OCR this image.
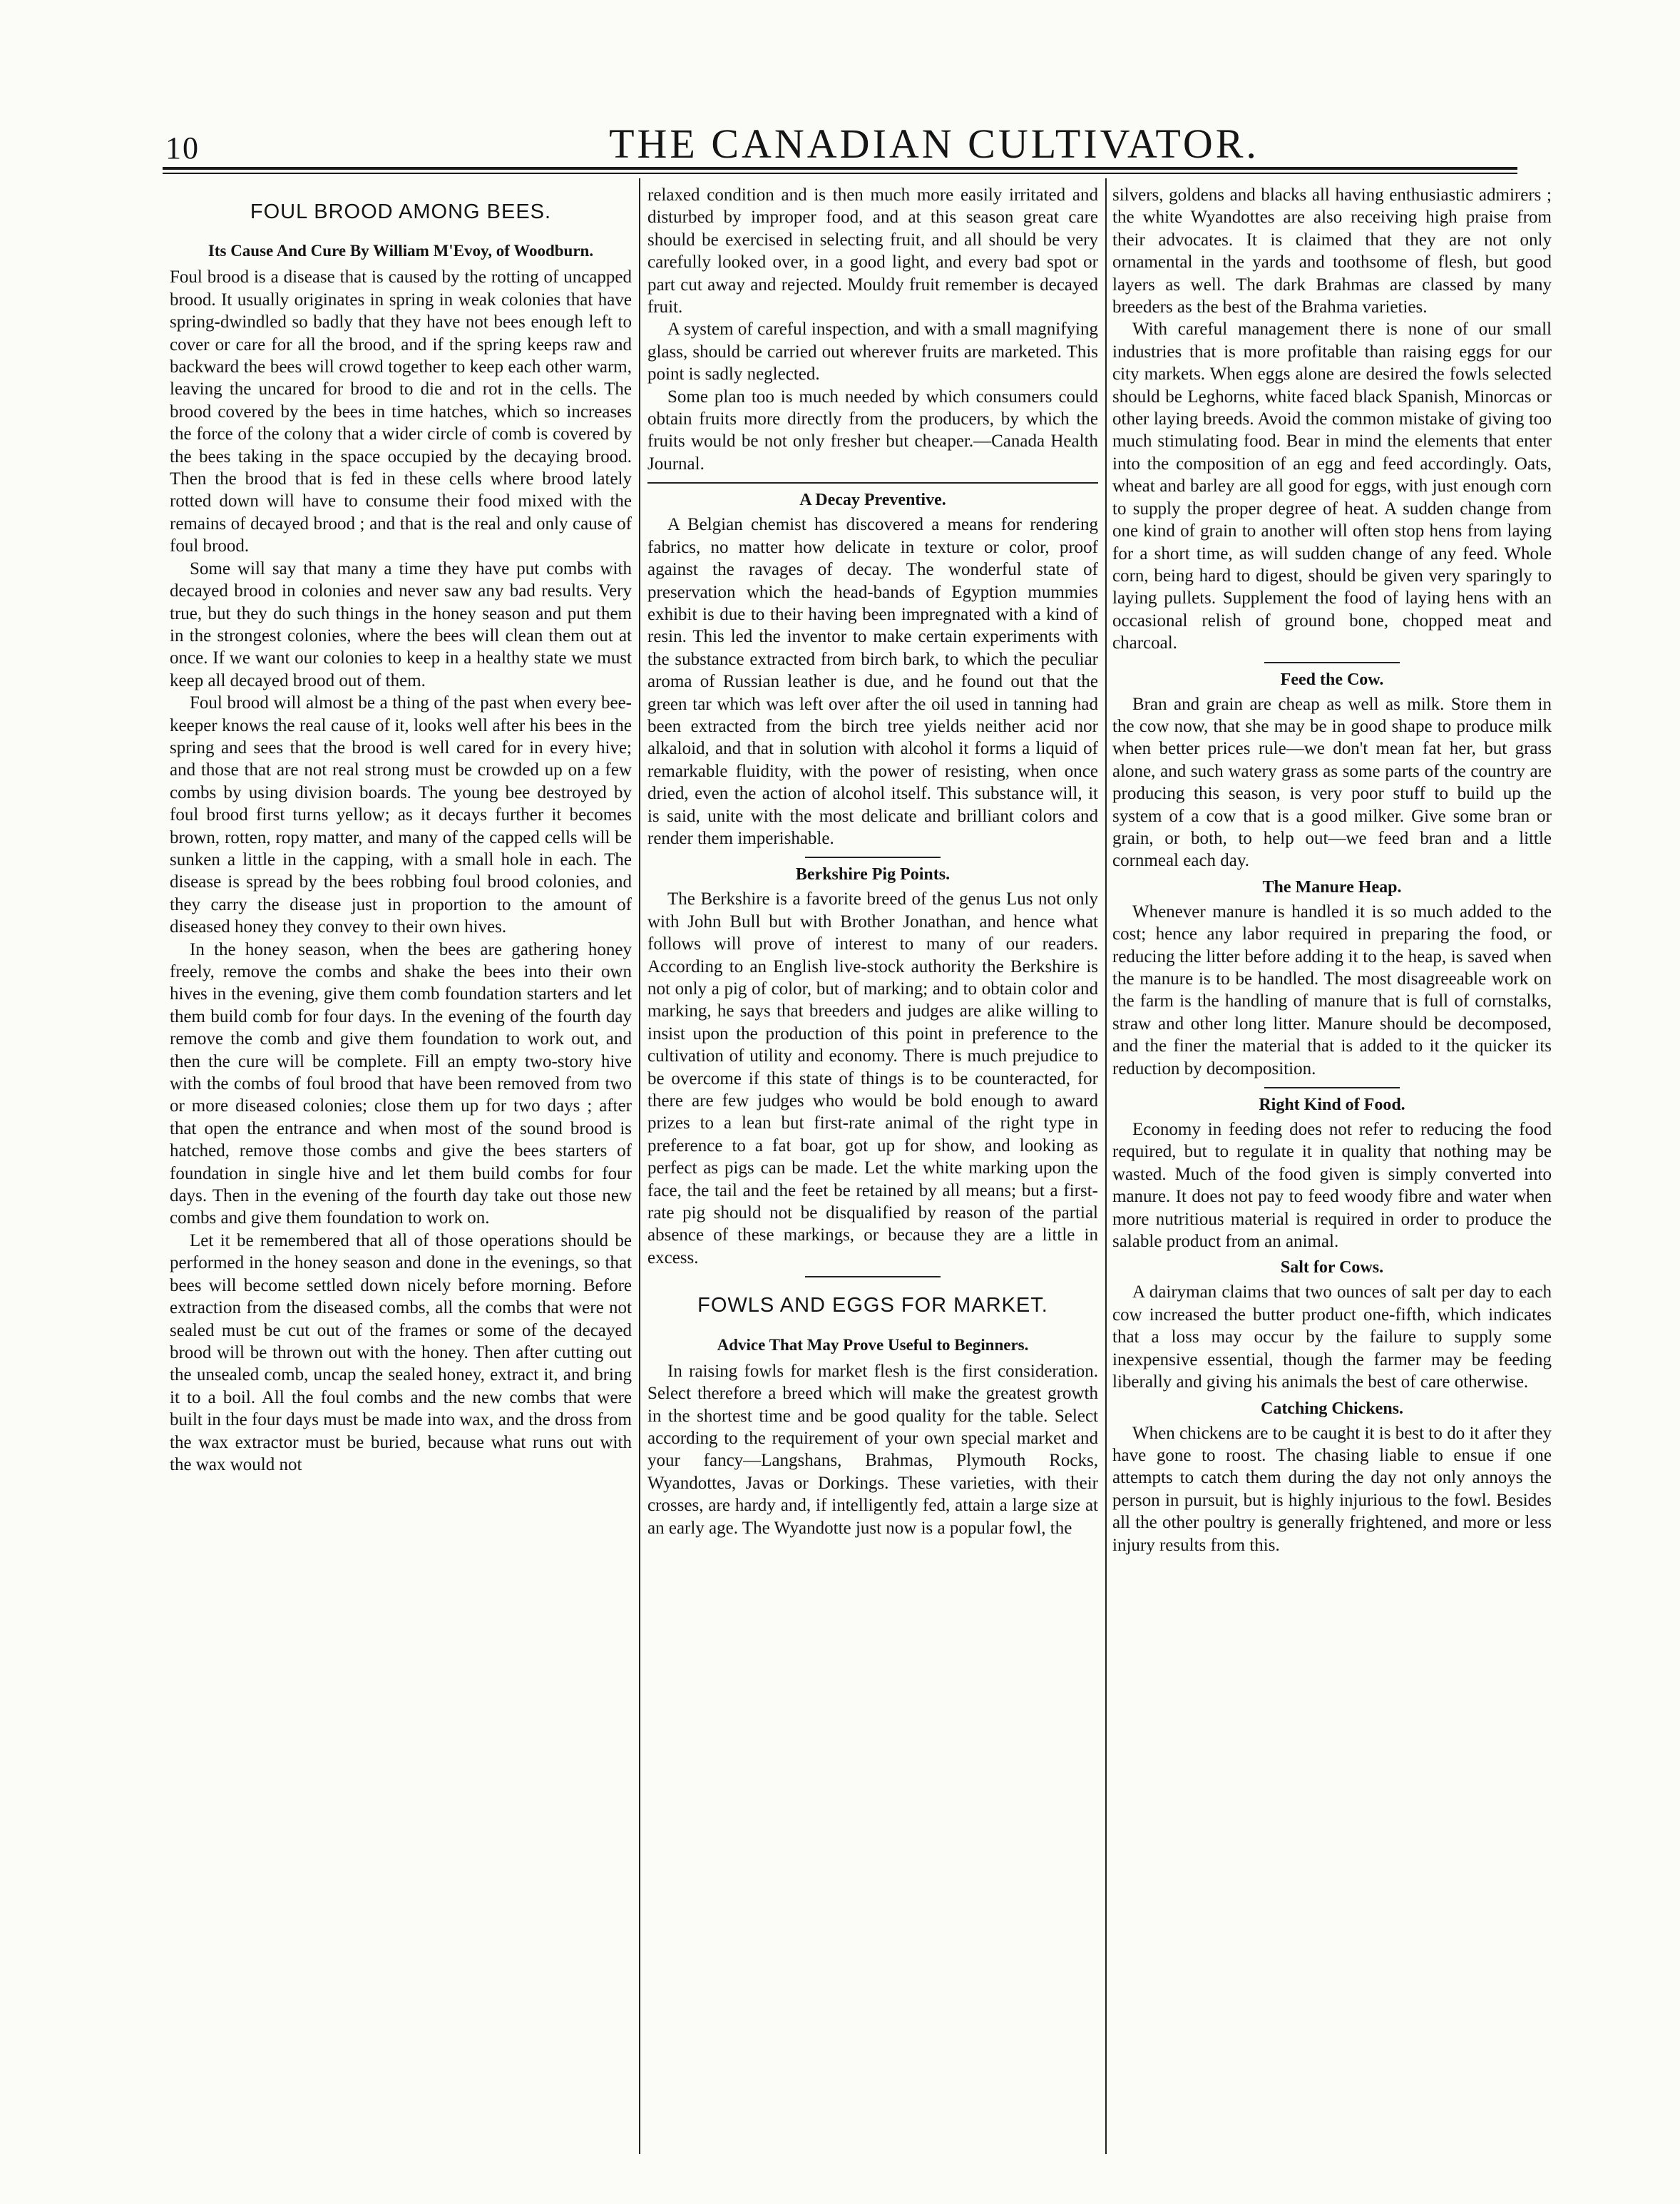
10	THE CANADIAN CULTIVATOR.
FOUL BROOD AMONG BEES.
Its Cause And Cure By William M'Evoy, of Woodburn.

Foul brood is a disease that is caused by the rotting of uncapped brood. It usually originates in spring in weak colonies that have spring-dwindled so badly that they have not bees enough left to cover or care for all the brood, and if the spring keeps raw and backward the bees will crowd together to keep each other warm, leaving the uncared for brood to die and rot in the cells. The brood covered by the bees in time hatches, which so increases the force of the colony that a wider circle of comb is covered by the bees taking in the space occupied by the decaying brood. Then the brood that is fed in these cells where brood lately rotted down will have to consume their food mixed with the remains of decayed brood ; and that is the real and only cause of foul brood.

Some will say that many a time they have put combs with decayed brood in colonies and never saw any bad results. Very true, but they do such things in the honey season and put them in the strongest colonies, where the bees will clean them out at once. If we want our colonies to keep in a healthy state we must keep all decayed brood out of them.

Foul brood will almost be a thing of the past when every bee-keeper knows the real cause of it, looks well after his bees in the spring and sees that the brood is well cared for in every hive; and those that are not real strong must be crowded up on a few combs by using division boards. The young bee destroyed by foul brood first turns yellow; as it decays further it becomes brown, rotten, ropy matter, and many of the capped cells will be sunken a little in the capping, with a small hole in each. The disease is spread by the bees robbing foul brood colonies, and they carry the disease just in proportion to the amount of diseased honey they convey to their own hives.

In the honey season, when the bees are gathering honey freely, remove the combs and shake the bees into their own hives in the evening, give them comb foundation starters and let them build comb for four days. In the evening of the fourth day remove the comb and give them foundation to work out, and then the cure will be complete. Fill an empty two-story hive with the combs of foul brood that have been removed from two or more diseased colonies; close them up for two days ; after that open the entrance and when most of the sound brood is hatched, remove those combs and give the bees starters of foundation in single hive and let them build combs for four days. Then in the evening of the fourth day take out those new combs and give them foundation to work on.

Let it be remembered that all of those operations should be performed in the honey season and done in the evenings, so that bees will become settled down nicely before morning. Before extraction from the diseased combs, all the combs that were not sealed must be cut out of the frames or some of the decayed brood will be thrown out with the honey. Then after cutting out the unsealed comb, uncap the sealed honey, extract it, and bring it to a boil. All the foul combs and the new combs that were built in the four days must be made into wax, and the dross from the wax extractor must be buried, because what runs out with the wax would not

relaxed condition and is then much more easily irritated and disturbed by improper food, and at this season great care should be exercised in selecting fruit, and all should be very carefully looked over, in a good light, and every bad spot or part cut away and rejected. Mouldy fruit remember is decayed fruit.

A system of careful inspection, and with a small magnifying glass, should be carried out wherever fruits are marketed. This point is sadly neglected.

Some plan too is much needed by which consumers could obtain fruits more directly from the producers, by which the fruits would be not only fresher but cheaper.—Canada Health Journal.

A Decay Preventive.

A Belgian chemist has discovered a means for rendering fabrics, no matter how delicate in texture or color, proof against the ravages of decay. The wonderful state of preservation which the head-bands of Egyption mummies exhibit is due to their having been impregnated with a kind of resin. This led the inventor to make certain experiments with the substance extracted from birch bark, to which the peculiar aroma of Russian leather is due, and he found out that the green tar which was left over after the oil used in tanning had been extracted from the birch tree yields neither acid nor alkaloid, and that in solution with alcohol it forms a liquid of remarkable fluidity, with the power of resisting, when once dried, even the action of alcohol itself. This substance will, it is said, unite with the most delicate and brilliant colors and render them imperishable.

Berkshire Pig Points.

The Berkshire is a favorite breed of the genus Lus not only with John Bull but with Brother Jonathan, and hence what follows will prove of interest to many of our readers. According to an English live-stock authority the Berkshire is not only a pig of color, but of marking; and to obtain color and marking, he says that breeders and judges are alike willing to insist upon the production of this point in preference to the cultivation of utility and economy. There is much prejudice to be overcome if this state of things is to be counteracted, for there are few judges who would be bold enough to award prizes to a lean but first-rate animal of the right type in preference to a fat boar, got up for show, and looking as perfect as pigs can be made. Let the white marking upon the face, the tail and the feet be retained by all means; but a first-rate pig should not be disqualified by reason of the partial absence of these markings, or because they are a little in excess.

FOWLS AND EGGS FOR MARKET.
Advice That May Prove Useful to Beginners.

In raising fowls for market flesh is the first consideration. Select therefore a breed which will make the greatest growth in the shortest time and be good quality for the table. Select according to the requirement of your own special market and your fancy—Langshans, Brahmas, Plymouth Rocks, Wyandottes, Javas or Dorkings. These varieties, with their crosses, are hardy and, if intelligently fed, attain a large size at an early age. The Wyandotte just now is a popular fowl, the

silvers, goldens and blacks all having enthusiastic admirers ; the white Wyandottes are also receiving high praise from their advocates. It is claimed that they are not only ornamental in the yards and toothsome of flesh, but good layers as well. The dark Brahmas are classed by many breeders as the best of the Brahma varieties.

With careful management there is none of our small industries that is more profitable than raising eggs for our city markets. When eggs alone are desired the fowls selected should be Leghorns, white faced black Spanish, Minorcas or other laying breeds. Avoid the common mistake of giving too much stimulating food. Bear in mind the elements that enter into the composition of an egg and feed accordingly. Oats, wheat and barley are all good for eggs, with just enough corn to supply the proper degree of heat. A sudden change from one kind of grain to another will often stop hens from laying for a short time, as will sudden change of any feed. Whole corn, being hard to digest, should be given very sparingly to laying pullets. Supplement the food of laying hens with an occasional relish of ground bone, chopped meat and charcoal.

Feed the Cow.

Bran and grain are cheap as well as milk. Store them in the cow now, that she may be in good shape to produce milk when better prices rule—we don't mean fat her, but grass alone, and such watery grass as some parts of the country are producing this season, is very poor stuff to build up the system of a cow that is a good milker. Give some bran or grain, or both, to help out—we feed bran and a little cornmeal each day.

The Manure Heap.

Whenever manure is handled it is so much added to the cost; hence any labor required in preparing the food, or reducing the litter before adding it to the heap, is saved when the manure is to be handled. The most disagreeable work on the farm is the handling of manure that is full of cornstalks, straw and other long litter. Manure should be decomposed, and the finer the material that is added to it the quicker its reduction by decomposition.

Right Kind of Food.

Economy in feeding does not refer to reducing the food required, but to regulate it in quality that nothing may be wasted. Much of the food given is simply converted into manure. It does not pay to feed woody fibre and water when more nutritious material is required in order to produce the salable product from an animal.

Salt for Cows.

A dairyman claims that two ounces of salt per day to each cow increased the butter product one-fifth, which indicates that a loss may occur by the failure to supply some inexpensive essential, though the farmer may be feeding liberally and giving his animals the best of care otherwise.

Catching Chickens.

When chickens are to be caught it is best to do it after they have gone to roost. The chasing liable to ensue if one attempts to catch them during the day not only annoys the person in pursuit, but is highly injurious to the fowl. Besides all the other poultry is generally frightened, and more or less injury results from this.
